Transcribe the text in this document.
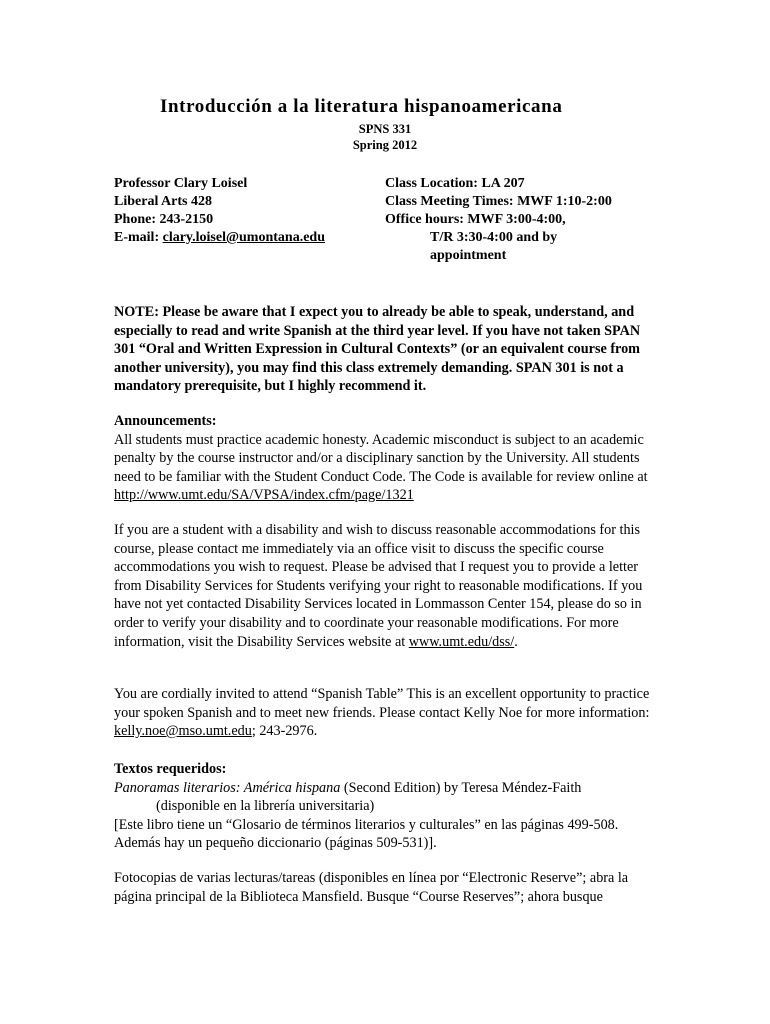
Introducción a la literatura hispanoamericana
SPNS 331
Spring 2012
Professor Clary Loisel
Liberal Arts 428
Phone: 243-2150
E-mail: clary.loisel@umontana.edu
Class Location: LA 207
Class Meeting Times: MWF 1:10-2:00
Office hours: MWF 3:00-4:00,
T/R 3:30-4:00 and by
appointment

NOTE: Please be aware that I expect you to already be able to speak, understand, and especially to read and write Spanish at the third year level. If you have not taken SPAN 301 “Oral and Written Expression in Cultural Contexts” (or an equivalent course from another university), you may find this class extremely demanding. SPAN 301 is not a mandatory prerequisite, but I highly recommend it.

Announcements:

All students must practice academic honesty. Academic misconduct is subject to an academic penalty by the course instructor and/or a disciplinary sanction by the University. All students need to be familiar with the Student Conduct Code. The Code is available for review online at http://www.umt.edu/SA/VPSA/index.cfm/page/1321

If you are a student with a disability and wish to discuss reasonable accommodations for this course, please contact me immediately via an office visit to discuss the specific course accommodations you wish to request. Please be advised that I request you to provide a letter from Disability Services for Students verifying your right to reasonable modifications. If you have not yet contacted Disability Services located in Lommasson Center 154, please do so in order to verify your disability and to coordinate your reasonable modifications. For more information, visit the Disability Services website at www.umt.edu/dss/.

You are cordially invited to attend “Spanish Table” This is an excellent opportunity to practice your spoken Spanish and to meet new friends. Please contact Kelly Noe for more information: kelly.noe@mso.umt.edu; 243-2976.

Textos requeridos:

Panoramas literarios: América hispana (Second Edition) by Teresa Méndez-Faith

(disponible en la librería universitaria)

[Este libro tiene un “Glosario de términos literarios y culturales” en las páginas 499-508. Además hay un pequeño diccionario (páginas 509-531)].

Fotocopias de varias lecturas/tareas (disponibles en línea por “Electronic Reserve”; abra la página principal de la Biblioteca Mansfield. Busque “Course Reserves”; ahora busque
